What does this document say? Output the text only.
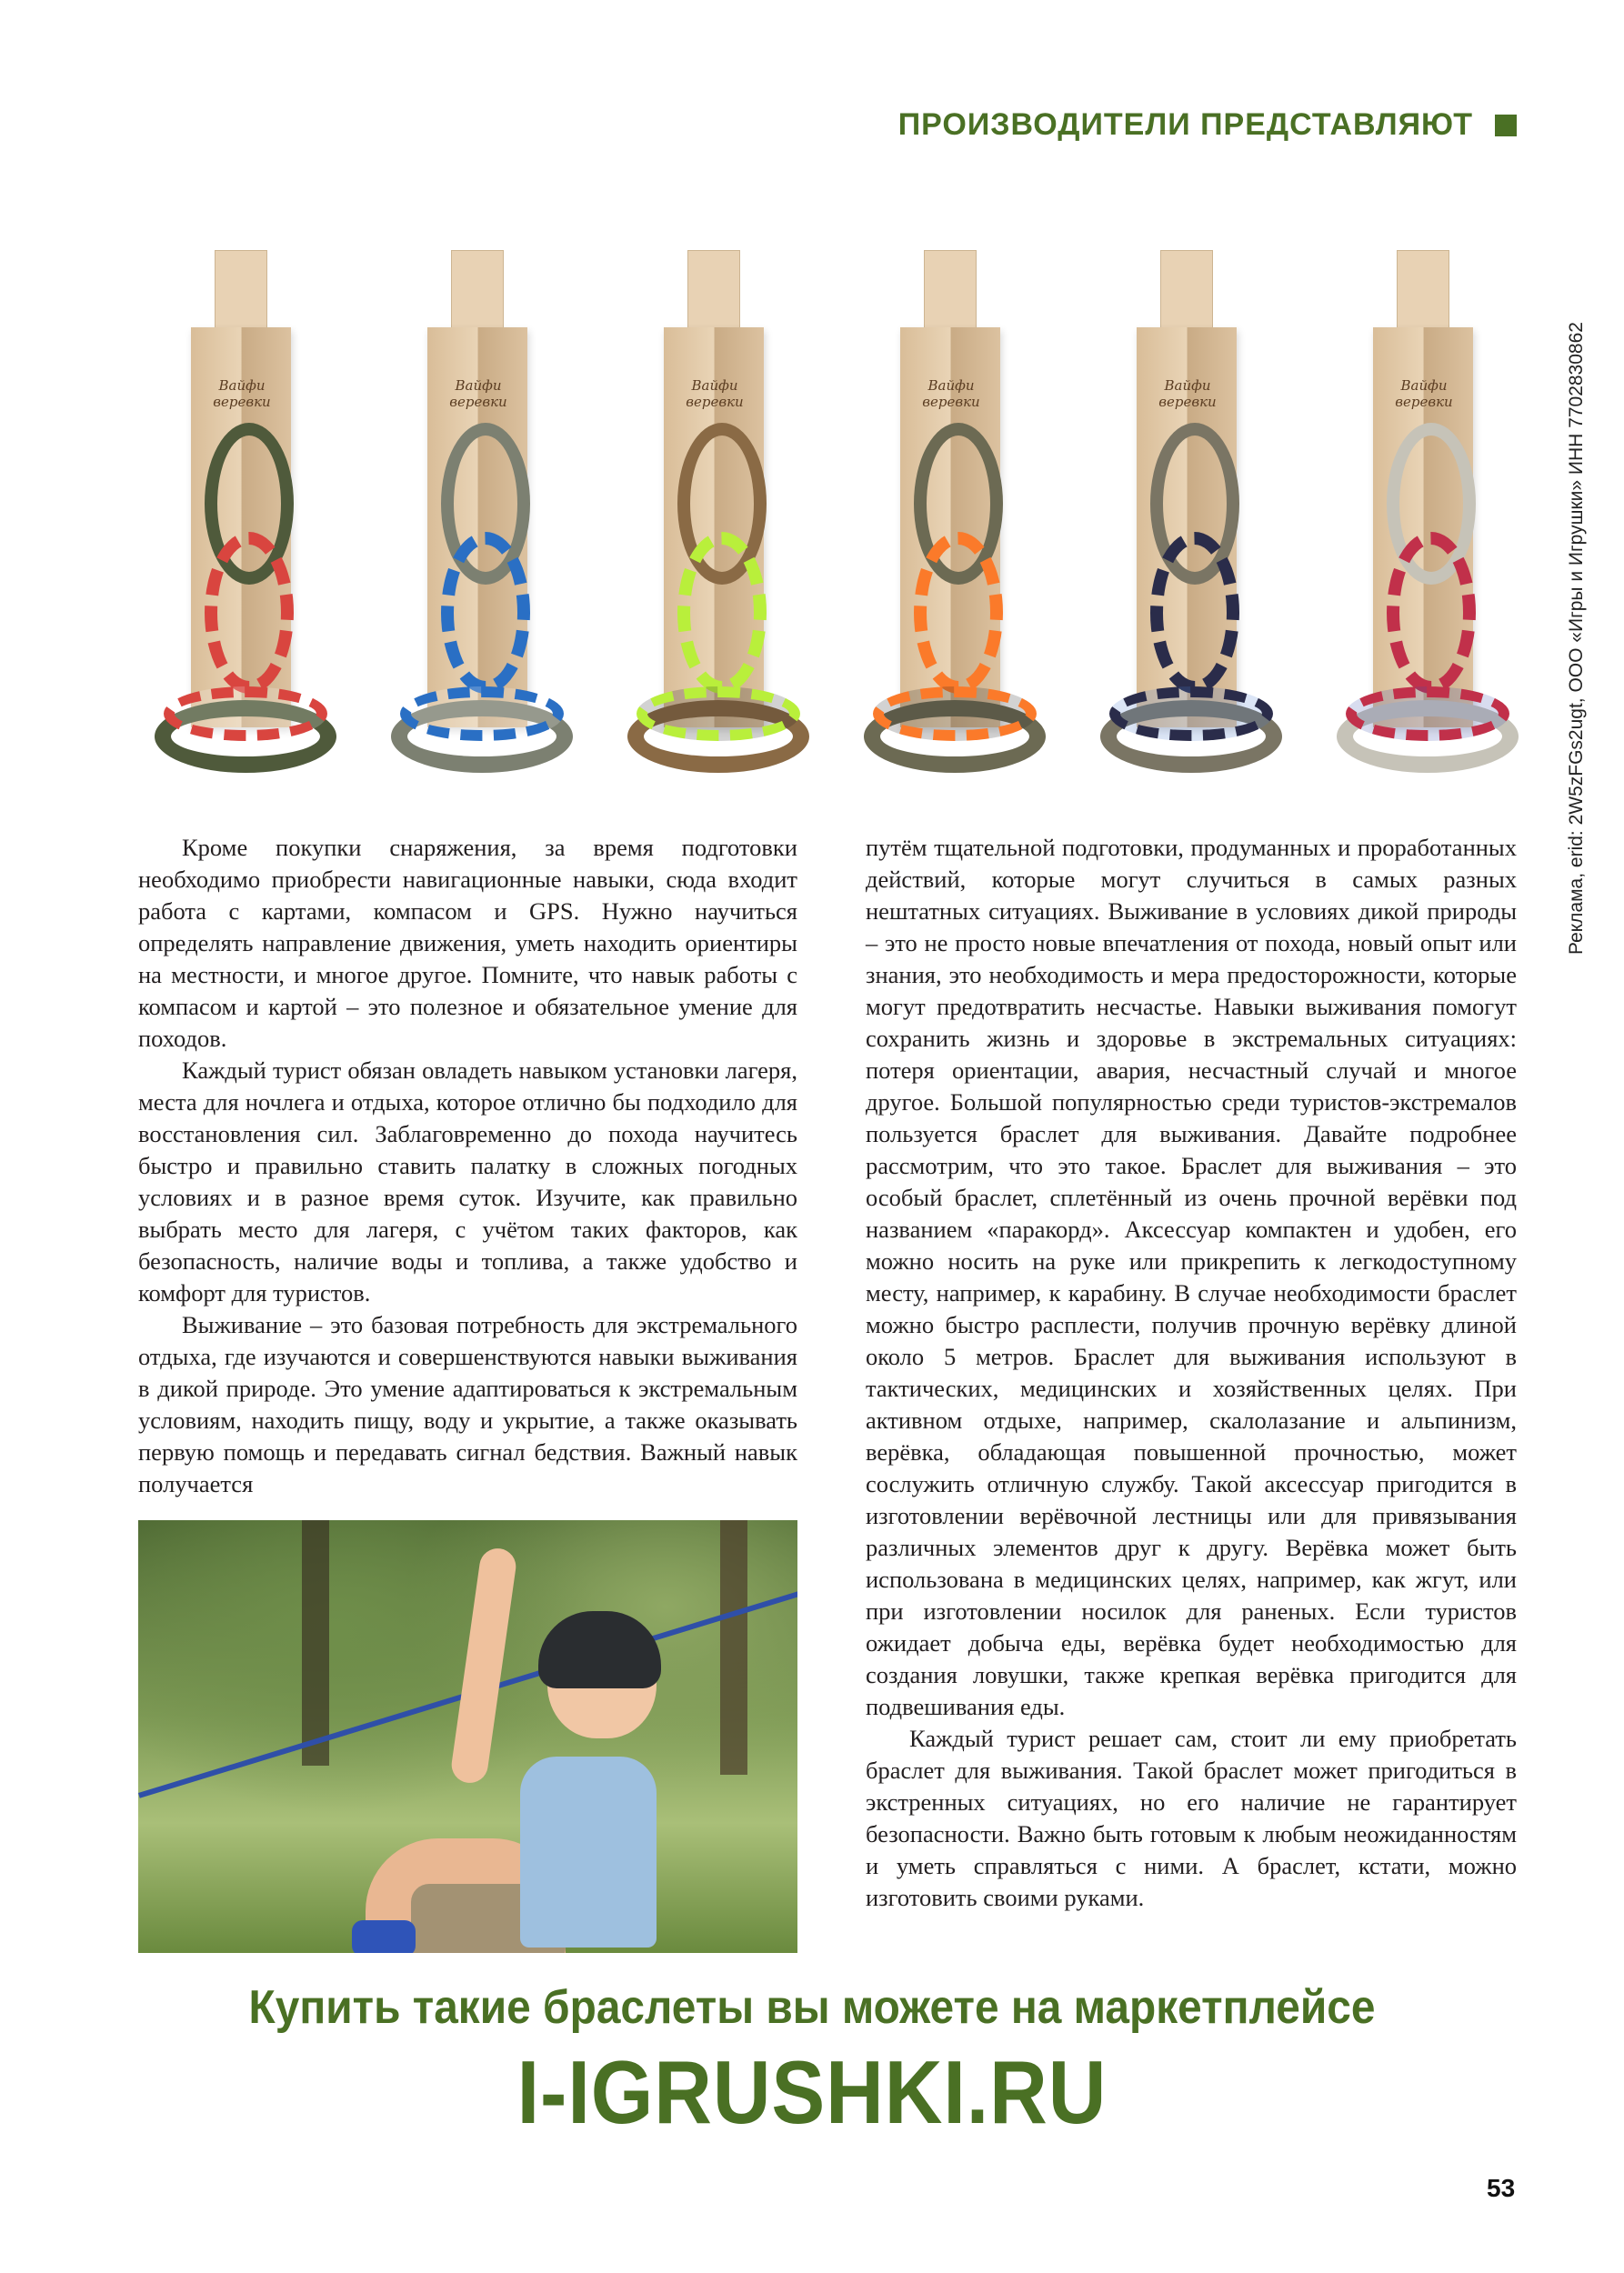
ПРОИЗВОДИТЕЛИ ПРЕДСТАВЛЯЮТ
Реклама, erid: 2W5zFGs2ugt, ООО «Игры и Игрушки» ИНН 7702830862
Вайфи веревки
Вайфи веревки
Вайфи веревки
Вайфи веревки
Вайфи веревки
Вайфи веревки

Кроме покупки снаряжения, за время подготовки необходимо приобрести навигационные навыки, сюда входит работа с картами, компасом и GPS. Нужно научиться определять направление движения, уметь находить ориентиры на местности, и многое другое. Помните, что навык работы с компасом и картой – это полезное и обязательное умение для походов.

Каждый турист обязан овладеть навыком установки лагеря, места для ночлега и отдыха, которое отлично бы подходило для восстановления сил. Заблаговременно до похода научитесь быстро и правильно ставить палатку в сложных погодных условиях и в разное время суток. Изучите, как правильно выбрать место для лагеря, с учётом таких факторов, как безопасность, наличие воды и топлива, а также удобство и комфорт для туристов.

Выживание – это базовая потребность для экстремального отдыха, где изучаются и совершенствуются навыки выживания в дикой природе. Это умение адаптироваться к экстремальным условиям, находить пищу, воду и укрытие, а также оказывать первую помощь и передавать сигнал бедствия. Важный навык получается

путём тщательной подготовки, продуманных и проработанных действий, которые могут случиться в самых разных нештатных ситуациях. Выживание в условиях дикой природы – это не просто новые впечатления от похода, новый опыт или знания, это необходимость и мера предосторожности, которые могут предотвратить несчастье. Навыки выживания помогут сохранить жизнь и здоровье в экстремальных ситуациях: потеря ориентации, авария, несчастный случай и многое другое. Большой популярностью среди туристов-экстремалов пользуется браслет для выживания. Давайте подробнее рассмотрим, что это такое. Браслет для выживания – это особый браслет, сплетённый из очень прочной верёвки под названием «паракорд». Аксессуар компактен и удобен, его можно носить на руке или прикрепить к легкодоступному месту, например, к карабину. В случае необходимости браслет можно быстро расплести, получив прочную верёвку длиной около 5 метров. Браслет для выживания используют в тактических, медицинских и хозяйственных целях. При активном отдыхе, например, скалолазание и альпинизм, верёвка, обладающая повышенной прочностью, может сослужить отличную службу. Такой аксессуар пригодится в изготовлении верёвочной лестницы или для привязывания различных элементов друг к другу. Верёвка может быть использована в медицинских целях, например, как жгут, или при изготовлении носилок для раненых. Если туристов ожидает добыча еды, верёвка будет необходимостью для создания ловушки, также крепкая верёвка пригодится для подвешивания еды.

Каждый турист решает сам, стоит ли ему приобретать браслет для выживания. Такой браслет может пригодиться в экстренных ситуациях, но его наличие не гарантирует безопасности. Важно быть готовым к любым неожиданностям и уметь справляться с ними. А браслет, кстати, можно изготовить своими руками.

Купить такие браслеты вы можете на маркетплейсе
I-IGRUSHKI.RU
53
